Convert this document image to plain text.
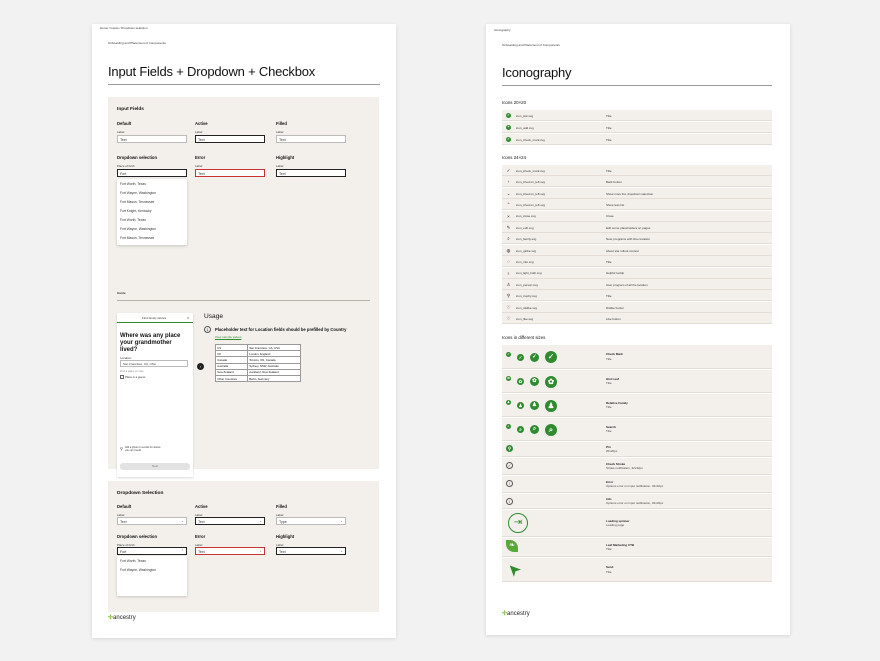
Home / Inputs / Dropdown selection
Onboarding and Placement of Components
Input Fields + Dropdown + Checkbox
Input Fields
Default
Label
Text
Active
Label
Text
Filled
Label
Text
Dropdown selection
Place of birth
Fort
Fort Worth, Texas
Fort Wayne, Washington
Fort Mason, Tennessee
Fort Knight, Kentucky
Fort Worth, Texas
Fort Wayne, Washington
Fort Mason, Tennessee
Error
Label
Text
Highlight
Label
Text
Guide
Find family stories	×
Where was any place your grandmother lived?
Location
San Francisco, CA, USA
Find a place on map
Place is a guess
⚲ Add a photo or records for stories you can't recall
Next
›
Usage
1	Placeholder text for Location fields should be prefilled by Country
View sample values
US	San Francisco, CA, USA
UK	London, England
Canada	Toronto, ON, Canada
Australia	Sydney, NSW, Australia
New Zealand	Auckland, New Zealand
Other Countries	Berlin, Germany
Dropdown Selection
Default
Label
Text	⌄
Active
Label
Text	⌄
Filled
Label
Type	⌄
Dropdown selection
Place of birth
Fort	⌃
Fort Worth, Texas
Fort Wayne, Washington
Error
Label
Text	⌄
Highlight
Label
Text	⌄
✣ancestry
Iconography
Onboarding and Placement of Components
Iconography
Icons 20×20
✓	icon_tick.svg	Title
+	icon_add.svg	Title
✓	icon_check_mark.svg	Title
Icons 24×24
Icons in different sizes
✣ancestry
✓ icon_check_mark.svg	Title
‹	icon_chevron_left.svg	Back button
⌄ icon_chevron_left.svg	Show more list, dropdown selection
⌃ icon_chevron_left.svg	Show less list
×	icon_close.svg	Close
✎ icon_edit.svg	Edit some placeholders on pages
⌕	icon_family.svg	New, programs with time location
◍ icon_globe.svg	About site rollout context
◌	icon_info.svg	Title
♀ icon_light_bulb.svg	Helpful tooltip
♙ icon_person.svg	User program of all the location
⚲ icon_trophy.svg	Title
♡ icon_dislike.svg	Dislike button
♡ icon_like.svg	Like button
✓
✓	✓	✓	Check Mark
Title
✿
✿	✿	✿	Hint Leaf
Title
♟
♟	♟	♟	Relative Family
Title
⌕
⌕	⌕	⌕	Search
Title
⚲	Pin
20x20px
✓	Check Stroke
Stroke notification, 32x32px
!	Error
Options error on input notification, 32x32px
i
Info
Options error on input notification, 32x32px
⇥	Loading spinner
Loading page
❧	Leaf Marketing CTB
Title
➤	Send
Title
